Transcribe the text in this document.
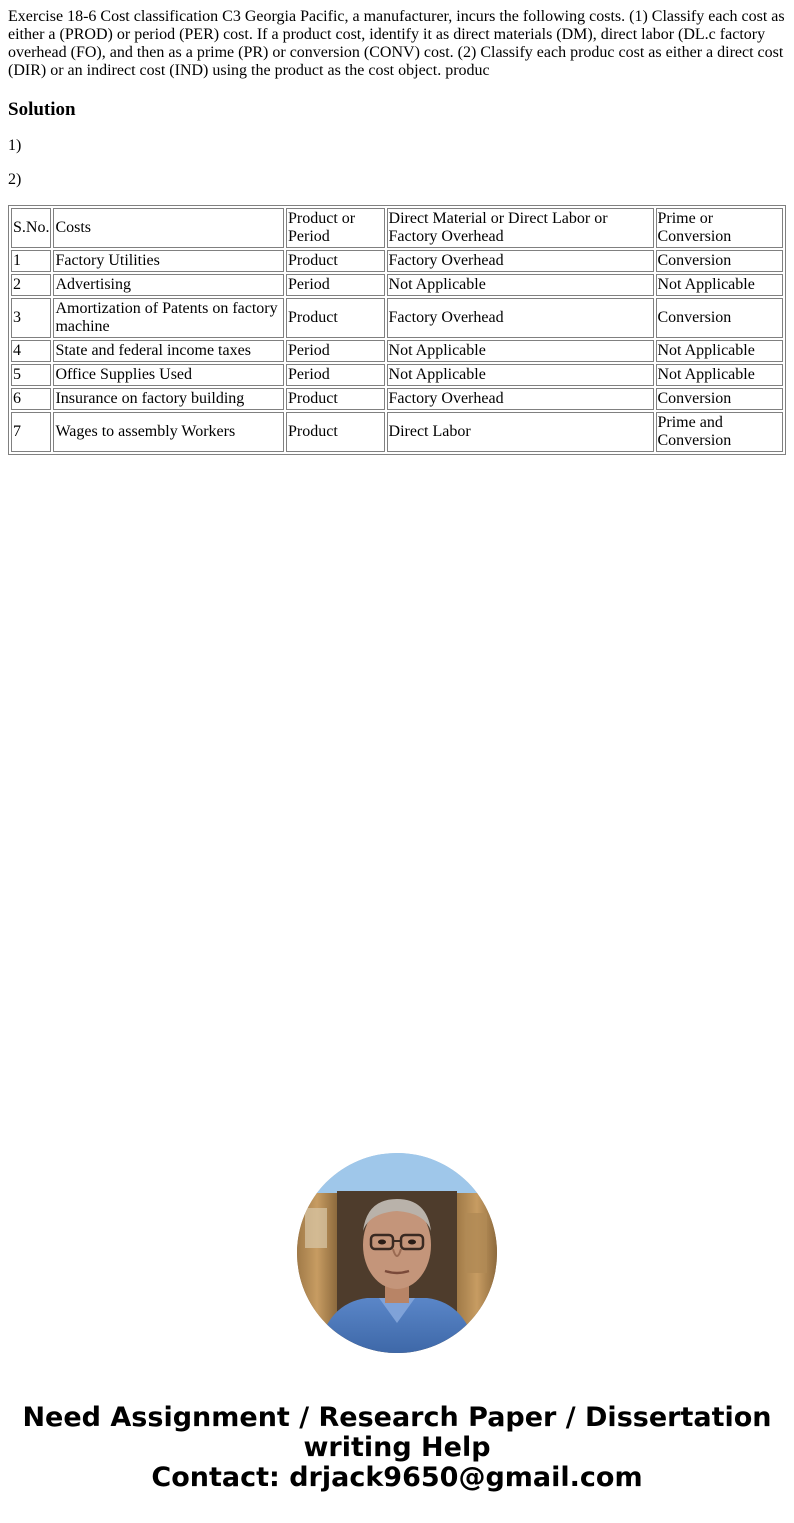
Exercise 18-6 Cost classification C3 Georgia Pacific, a manufacturer, incurs the following costs. (1) Classify each cost as either a (PROD) or period (PER) cost. If a product cost, identify it as direct materials (DM), direct labor (DL.c factory overhead (FO), and then as a prime (PR) or conversion (CONV) cost. (2) Classify each produc cost as either a direct cost (DIR) or an indirect cost (IND) using the product as the cost object. produc
Solution
1)
2)
S.No.	Costs	Product or Period	Direct Material or Direct Labor or Factory Overhead	Prime or Conversion
1	Factory Utilities	Product	Factory Overhead	Conversion
2	Advertising	Period	Not Applicable	Not Applicable
3	Amortization of Patents on factory machine	Product	Factory Overhead	Conversion
4	State and federal income taxes	Period	Not Applicable	Not Applicable
5	Office Supplies Used	Period	Not Applicable	Not Applicable
6	Insurance on factory building	Product	Factory Overhead	Conversion
7	Wages to assembly Workers	Product	Direct Labor	Prime and Conversion
Need Assignment / Research Paper / Dissertation
writing Help
Contact: drjack9650@gmail.com
